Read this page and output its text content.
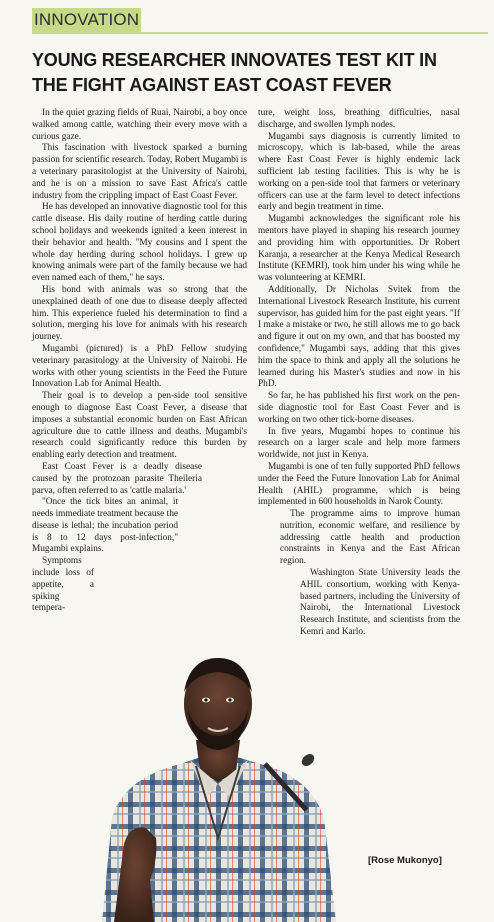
INNOVATION
YOUNG RESEARCHER INNOVATES TEST KIT IN THE FIGHT AGAINST EAST COAST FEVER

In the quiet grazing fields of Ruai, Nairobi, a boy once walked among cattle, watching their every move with a curious gaze.

This fascination with livestock sparked a burning passion for scientific research. Today, Robert Mugambi is a veterinary parasitologist at the University of Nairobi, and he is on a mission to save East Africa's cattle industry from the crippling impact of East Coast Fever.

He has developed an innovative diagnostic tool for this cattle disease. His daily routine of herding cattle during school holidays and weekends ignited a keen interest in their behavior and health. "My cousins and I spent the whole day herding during school holidays. I grew up knowing animals were part of the family because we had even named each of them," he says.

His bond with animals was so strong that the unexplained death of one due to disease deeply affected him. This experience fueled his determination to find a solution, merging his love for animals with his research journey.

Mugambi (pictured) is a PhD Fellow studying veterinary parasitology at the University of Nairobi. He works with other young scientists in the Feed the Future Innovation Lab for Animal Health.

Their goal is to develop a pen-side tool sensitive enough to diagnose East Coast Fever, a disease that imposes a substantial economic burden on East African agriculture due to cattle illness and deaths. Mugambi's research could significantly reduce this burden by enabling early detection and treatment.

East Coast Fever is a deadly disease caused by the protozoan parasite Theileria parva, often referred to as 'cattle malaria.'

"Once the tick bites an animal, it needs immediate treatment because the disease is lethal; the incubation period is 8 to 12 days post-infection," Mugambi explains.

Symptoms include loss of appetite, a spiking tempera-

ture, weight loss, breathing difficulties, nasal discharge, and swollen lymph nodes.

Mugambi says diagnosis is currently limited to microscopy, which is lab-based, while the areas where East Coast Fever is highly endemic lack sufficient lab testing facilities. This is why he is working on a pen-side tool that farmers or veterinary officers can use at the farm level to detect infections early and begin treatment in time.

Mugambi acknowledges the significant role his mentors have played in shaping his research journey and providing him with opportunities. Dr Robert Karanja, a researcher at the Kenya Medical Research Institute (KEMRI), took him under his wing while he was volunteering at KEMRI.

Additionally, Dr Nicholas Svitek from the International Livestock Research Institute, his current supervisor, has guided him for the past eight years. "If I make a mistake or two, he still allows me to go back and figure it out on my own, and that has boosted my confidence," Mugambi says, adding that this gives him the space to think and apply all the solutions he learned during his Master's studies and now in his PhD.

So far, he has published his first work on the pen-side diagnostic tool for East Coast Fever and is working on two other tick-borne diseases.

In five years, Mugambi hopes to continue his research on a larger scale and help more farmers worldwide, not just in Kenya.

Mugambi is one of ten fully supported PhD fellows under the Feed the Future Innovation Lab for Animal Health (AHIL) programme, which is being implemented in 600 households in Narok County.

The programme aims to improve human nutrition, economic welfare, and resilience by addressing cattle health and production constraints in Kenya and the East African region.

Washington State University leads the AHIL consortium, working with Kenya-based partners, including the University of Nairobi, the International Livestock Research Institute, and scientists from the Kemri and Karlo.

[Rose Mukonyo]
